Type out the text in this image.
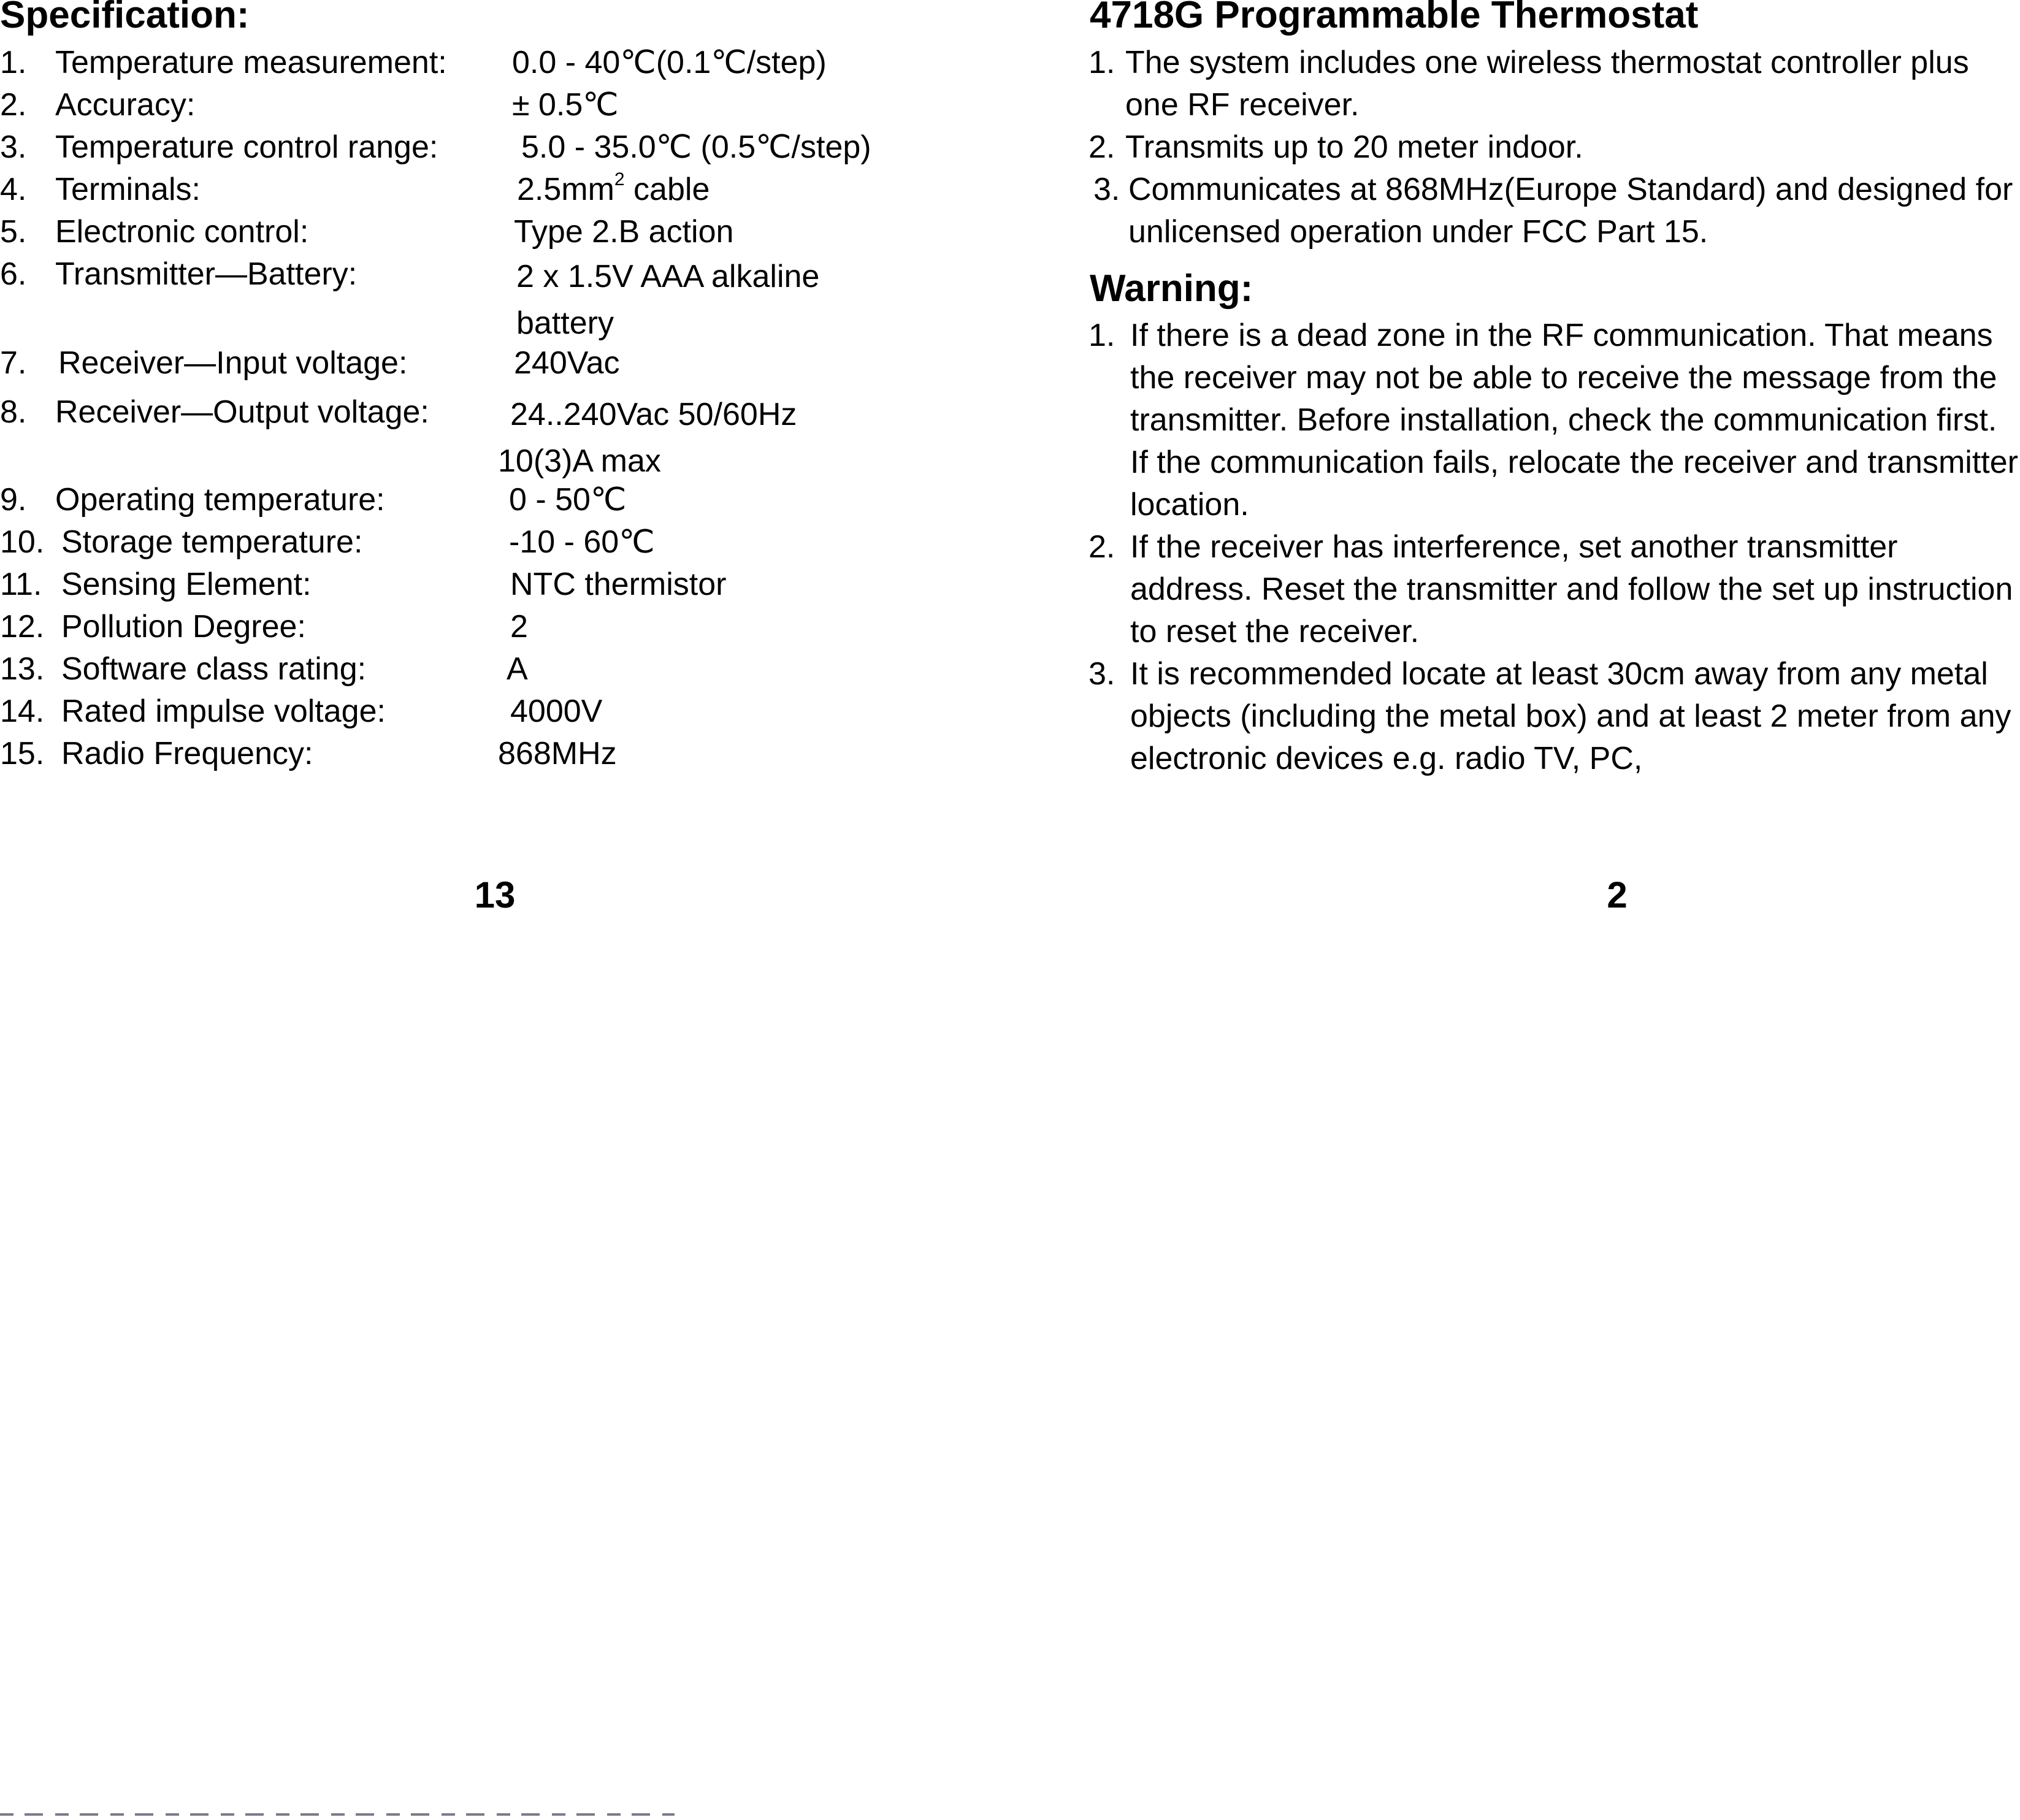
Specification:
1. Temperature measurement: 0.0 - 40℃(0.1℃/step)
2. Accuracy:	± 0.5℃
3. Temperature control range:	5.0 - 35.0℃ (0.5℃/step)
4. Terminals:	$2.5mm^2$ cable
5. Electronic control:	Type 2.B action
6. Transmitter—Battery:	2 x 1.5V AAA alkaline battery
7. Receiver—Input voltage:	240Vac
8. Receiver—Output voltage:	24..240Vac 50/60Hz 10(3)A max
9. Operating temperature:	0 - 50℃
10. Storage temperature:	-10 - 60℃
11. Sensing Element:	NTC thermistor
12. Pollution Degree:	2
13. Software class rating:	A
14. Rated impulse voltage:	4000V
15. Radio Frequency:	868MHz
13
4718G Programmable Thermostat
1. The system includes one wireless thermostat controller plus one RF receiver.
2. Transmits up to 20 meter indoor.
3. Communicates at 868MHz(Europe Standard) and designed for unlicensed operation under FCC Part 15.
Warning:
1. If there is a dead zone in the RF communication. That means the receiver may not be able to receive the message from the transmitter. Before installation, check the communication first. If the communication fails, relocate the receiver and transmitter location.
2. If the receiver has interference, set another transmitter address. Reset the transmitter and follow the set up instruction to reset the receiver.
3. It is recommended locate at least 30cm away from any metal objects (including the metal box) and at least 2 meter from any electronic devices e.g. radio TV, PC,
2
